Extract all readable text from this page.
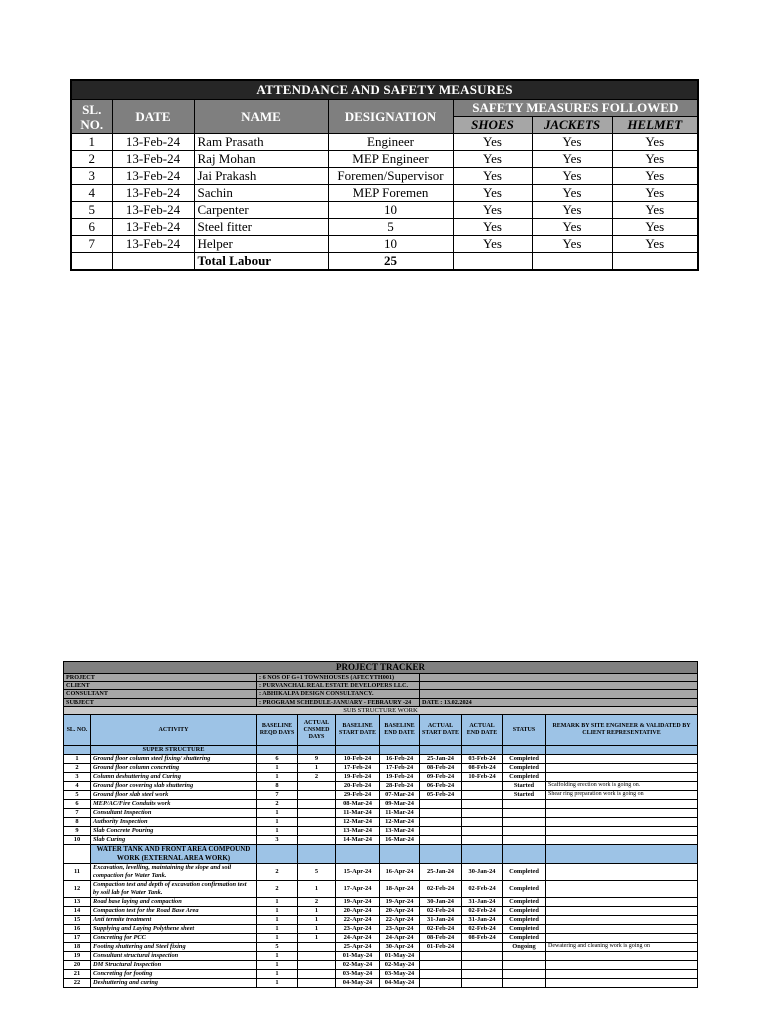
ATTENDANCE AND SAFETY MEASURES						
SL. NO.	DATE	NAME	DESIGNATION	SAFETY MEASURES FOLLOWED		
				SHOES	JACKETS	HELMET
1	13-Feb-24	Ram Prasath	Engineer	Yes	Yes	Yes
2	13-Feb-24	Raj Mohan	MEP Engineer	Yes	Yes	Yes
3	13-Feb-24	Jai Prakash	Foremen/Supervisor	Yes	Yes	Yes
4	13-Feb-24	Sachin	MEP Foremen	Yes	Yes	Yes
5	13-Feb-24	Carpenter	10	Yes	Yes	Yes
6	13-Feb-24	Steel fitter	5	Yes	Yes	Yes
7	13-Feb-24	Helper	10	Yes	Yes	Yes
		Total Labour	25			
PROJECT TRACKER									
PROJECT		: 6 NOS OF G+1 TOWNHOUSES (AFECYTH001)							
CLIENT		: PURVANCHAL REAL ESTATE DEVELOPERS LLC.							
CONSULTANT		: ABHIKALPA DESIGN CONSULTANCY.							
SUBJECT		: PROGRAM SCHEDULE-JANUARY - FEBRAURY -24				DATE : 13.02.2024			
SUB STRUCTURE WORK									
SL. NO.	ACTIVITY	BASELINE REQD DAYS	ACTUAL CNSMED DAYS	BASELINE START DATE	BASELINE END DATE	ACTUAL START DATE	ACTUAL END DATE	STATUS	REMARK BY SITE ENGINEER & VALIDATED BY CLIENT REPRESENTATIVE
	SUPER STRUCTURE								
1	Ground floor column steel fixing/ shuttering	6	9	10-Feb-24	16-Feb-24	25-Jan-24	03-Feb-24	Completed	
2	Ground floor column concreting	1	1	17-Feb-24	17-Feb-24	08-Feb-24	08-Feb-24	Completed	
3	Column deshuttering and Curing	1	2	19-Feb-24	19-Feb-24	09-Feb-24	10-Feb-24	Completed	
4	Ground floor covering slab shuttering	8		20-Feb-24	28-Feb-24	06-Feb-24		Started	Scaffolding erection work is going on.
5	Ground floor slab steel work	7		29-Feb-24	07-Mar-24	05-Feb-24		Started	Shear ring preparation work is going on
6	MEP/AC/Fire Conduits work	2		08-Mar-24	09-Mar-24				
7	Consultant Inspection	1		11-Mar-24	11-Mar-24				
8	Authority Inspection	1		12-Mar-24	12-Mar-24				
9	Slab Concrete Pouring	1		13-Mar-24	13-Mar-24				
10	Slab Curing	3		14-Mar-24	16-Mar-24				
	WATER TANK AND FRONT AREA COMPOUND WORK (EXTERNAL AREA WORK)								
11	Excavation, levelling, maintaining the slope and soil compaction for Water Tank.	2	5	15-Apr-24	16-Apr-24	25-Jan-24	30-Jan-24	Completed	
12	Compaction test and depth of excavation confirmation test by soil lab for Water Tank.	2	1	17-Apr-24	18-Apr-24	02-Feb-24	02-Feb-24	Completed	
13	Road base laying and compaction	1	2	19-Apr-24	19-Apr-24	30-Jan-24	31-Jan-24	Completed	
14	Compaction test for the Road Base Area	1	1	20-Apr-24	20-Apr-24	02-Feb-24	02-Feb-24	Completed	
15	Anti termite treatment	1	1	22-Apr-24	22-Apr-24	31-Jan-24	31-Jan-24	Completed	
16	Supplying and Laying Polythene sheet	1	1	23-Apr-24	23-Apr-24	02-Feb-24	02-Feb-24	Completed	
17	Concreting for PCC	1	1	24-Apr-24	24-Apr-24	08-Feb-24	08-Feb-24	Completed	
18	Footing shuttering and Steel fixing	5		25-Apr-24	30-Apr-24	01-Feb-24		Ongoing	Dewatering and cleaning work is going on
19	Consultant structural inspection	1		01-May-24	01-May-24				
20	DM Structural Inspection	1		02-May-24	02-May-24				
21	Concreting for footing	1		03-May-24	03-May-24				
22	Deshuttering and curing	1		04-May-24	04-May-24				
